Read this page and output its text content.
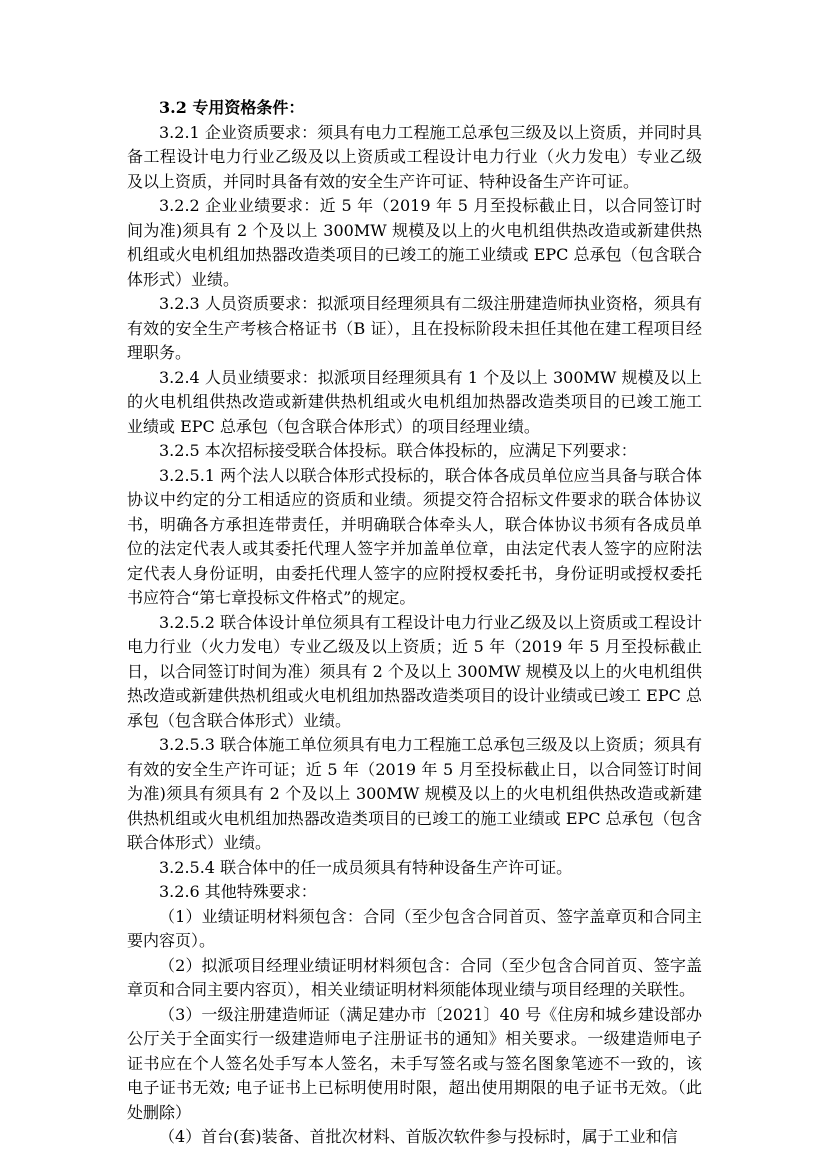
3.2 专用资格条件：

3.2.1 企业资质要求：须具有电力工程施工总承包三级及以上资质，并同时具备工程设计电力行业乙级及以上资质或工程设计电力行业（火力发电）专业乙级及以上资质，并同时具备有效的安全生产许可证、特种设备生产许可证。

3.2.2 企业业绩要求：近 5 年（2019 年 5 月至投标截止日，以合同签订时间为准)须具有 2 个及以上 300MW 规模及以上的火电机组供热改造或新建供热机组或火电机组加热器改造类项目的已竣工的施工业绩或 EPC 总承包（包含联合体形式）业绩。

3.2.3 人员资质要求：拟派项目经理须具有二级注册建造师执业资格，须具有有效的安全生产考核合格证书（B 证），且在投标阶段未担任其他在建工程项目经理职务。

3.2.4 人员业绩要求：拟派项目经理须具有 1 个及以上 300MW 规模及以上的火电机组供热改造或新建供热机组或火电机组加热器改造类项目的已竣工施工业绩或 EPC 总承包（包含联合体形式）的项目经理业绩。

3.2.5 本次招标接受联合体投标。联合体投标的，应满足下列要求：

3.2.5.1 两个法人以联合体形式投标的，联合体各成员单位应当具备与联合体协议中约定的分工相适应的资质和业绩。须提交符合招标文件要求的联合体协议书，明确各方承担连带责任，并明确联合体牵头人，联合体协议书须有各成员单位的法定代表人或其委托代理人签字并加盖单位章，由法定代表人签字的应附法定代表人身份证明，由委托代理人签字的应附授权委托书，身份证明或授权委托书应符合“第七章投标文件格式”的规定。

3.2.5.2 联合体设计单位须具有工程设计电力行业乙级及以上资质或工程设计电力行业（火力发电）专业乙级及以上资质；近 5 年（2019 年 5 月至投标截止日，以合同签订时间为准）须具有 2 个及以上 300MW 规模及以上的火电机组供热改造或新建供热机组或火电机组加热器改造类项目的设计业绩或已竣工 EPC 总承包（包含联合体形式）业绩。

3.2.5.3 联合体施工单位须具有电力工程施工总承包三级及以上资质；须具有有效的安全生产许可证；近 5 年（2019 年 5 月至投标截止日，以合同签订时间为准)须具有须具有 2 个及以上 300MW 规模及以上的火电机组供热改造或新建供热机组或火电机组加热器改造类项目的已竣工的施工业绩或 EPC 总承包（包含联合体形式）业绩。

3.2.5.4 联合体中的任一成员须具有特种设备生产许可证。

3.2.6 其他特殊要求：

（1）业绩证明材料须包含：合同（至少包含合同首页、签字盖章页和合同主要内容页）。

（2）拟派项目经理业绩证明材料须包含：合同（至少包含合同首页、签字盖章页和合同主要内容页），相关业绩证明材料须能体现业绩与项目经理的关联性。

（3）一级注册建造师证（满足建办市〔2021〕40 号《住房和城乡建设部办公厅关于全面实行一级建造师电子注册证书的通知》相关要求。一级建造师电子证书应在个人签名处手写本人签名，未手写签名或与签名图象笔迹不一致的，该电子证书无效; 电子证书上已标明使用时限，超出使用期限的电子证书无效。（此处删除）

（4）首台(套)装备、首批次材料、首版次软件参与投标时，属于工业和信
